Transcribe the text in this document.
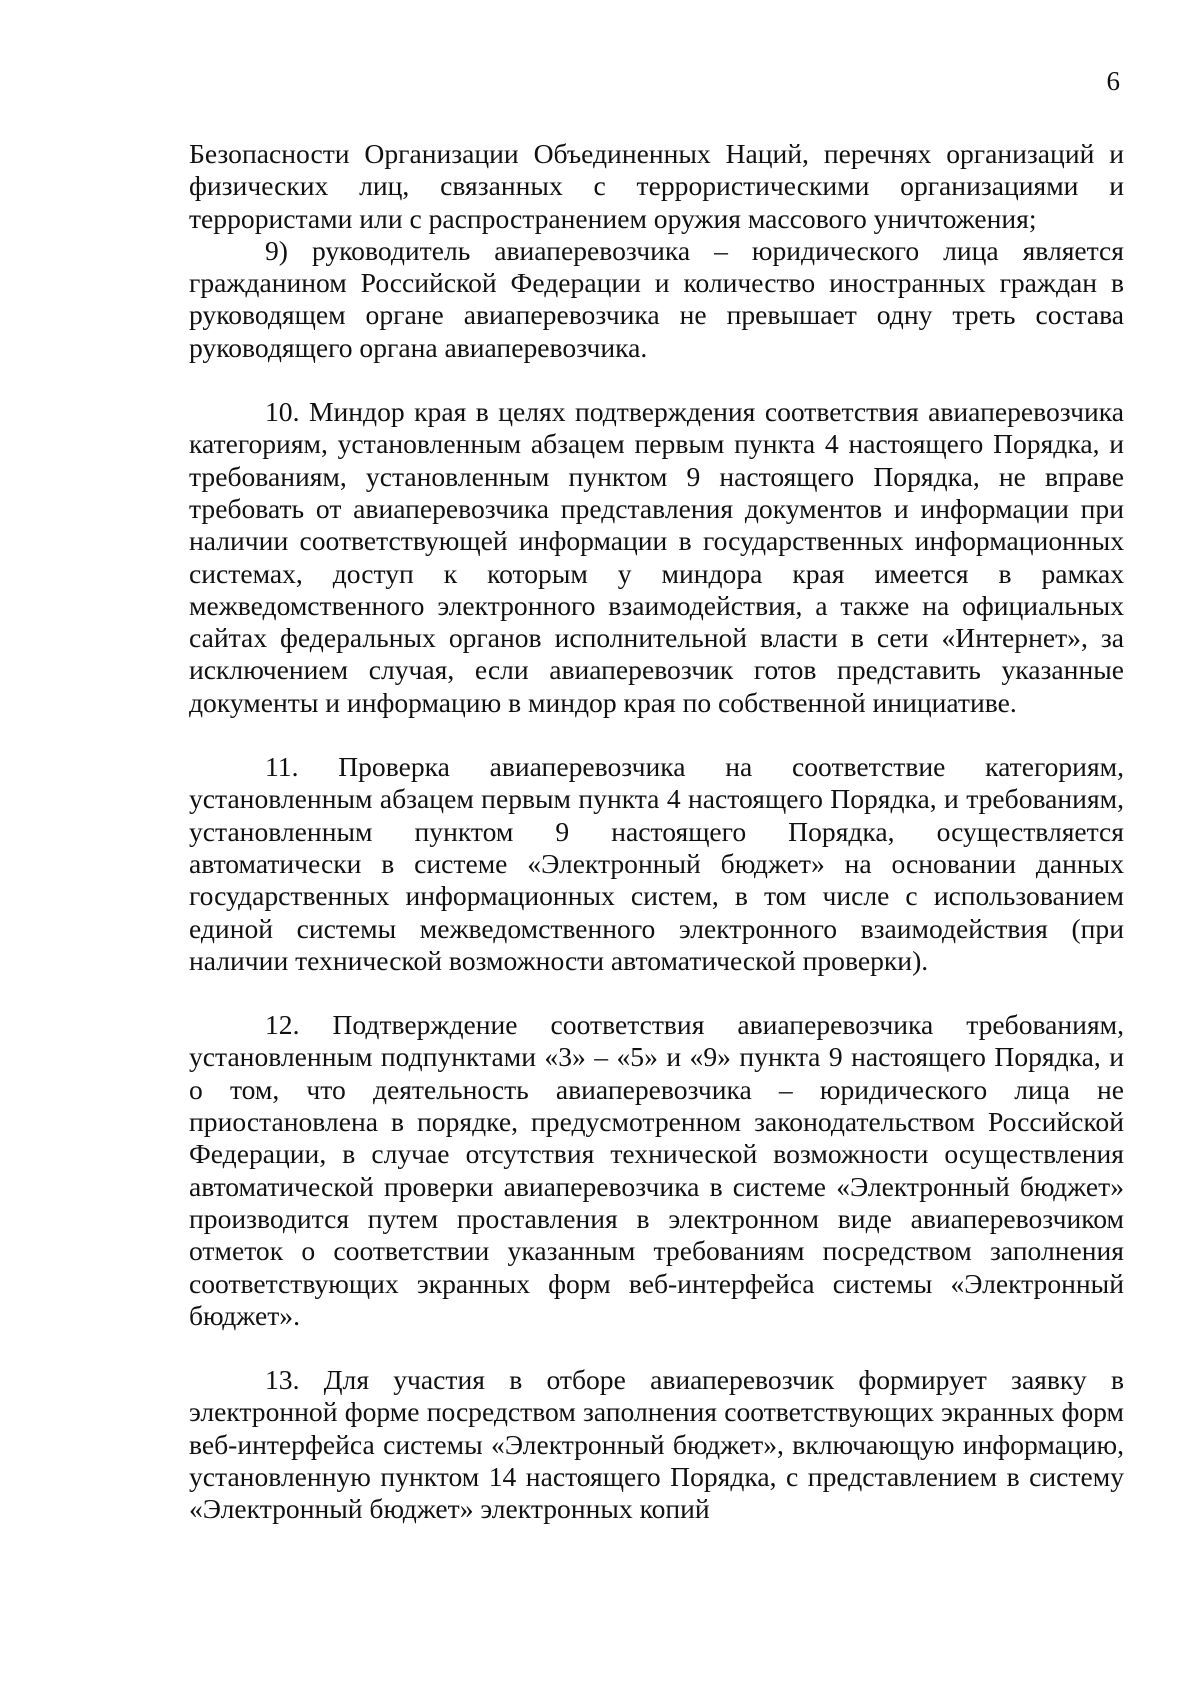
6

Безопасности Организации Объединенных Наций, перечнях организаций и физических лиц, связанных с террористическими организациями и террористами или с распространением оружия массового уничтожения;

9) руководитель авиаперевозчика – юридического лица является гражданином Российской Федерации и количество иностранных граждан в руководящем органе авиаперевозчика не превышает одну треть состава руководящего органа авиаперевозчика.

10. Миндор края в целях подтверждения соответствия авиаперевозчика категориям, установленным абзацем первым пункта 4 настоящего Порядка, и требованиям, установленным пунктом 9 настоящего Порядка, не вправе требовать от авиаперевозчика представления документов и информации при наличии соответствующей информации в государственных информационных системах, доступ к которым у миндора края имеется в рамках межведомственного электронного взаимодействия, а также на официальных сайтах федеральных органов исполнительной власти в сети «Интернет», за исключением случая, если авиаперевозчик готов представить указанные документы и информацию в миндор края по собственной инициативе.

11. Проверка авиаперевозчика на соответствие категориям, установленным абзацем первым пункта 4 настоящего Порядка, и требованиям, установленным пунктом 9 настоящего Порядка, осуществляется автоматически в системе «Электронный бюджет» на основании данных государственных информационных систем, в том числе с использованием единой системы межведомственного электронного взаимодействия (при наличии технической возможности автоматической проверки).

12. Подтверждение соответствия авиаперевозчика требованиям, установленным подпунктами «3» – «5» и «9» пункта 9 настоящего Порядка, и о том, что деятельность авиаперевозчика – юридического лица не приостановлена в порядке, предусмотренном законодательством Российской Федерации, в случае отсутствия технической возможности осуществления автоматической проверки авиаперевозчика в системе «Электронный бюджет» производится путем проставления в электронном виде авиаперевозчиком отметок о соответствии указанным требованиям посредством заполнения соответствующих экранных форм веб-интерфейса системы «Электронный бюджет».

13. Для участия в отборе авиаперевозчик формирует заявку в электронной форме посредством заполнения соответствующих экранных форм веб-интерфейса системы «Электронный бюджет», включающую информацию, установленную пунктом 14 настоящего Порядка, с представлением в систему «Электронный бюджет» электронных копий
